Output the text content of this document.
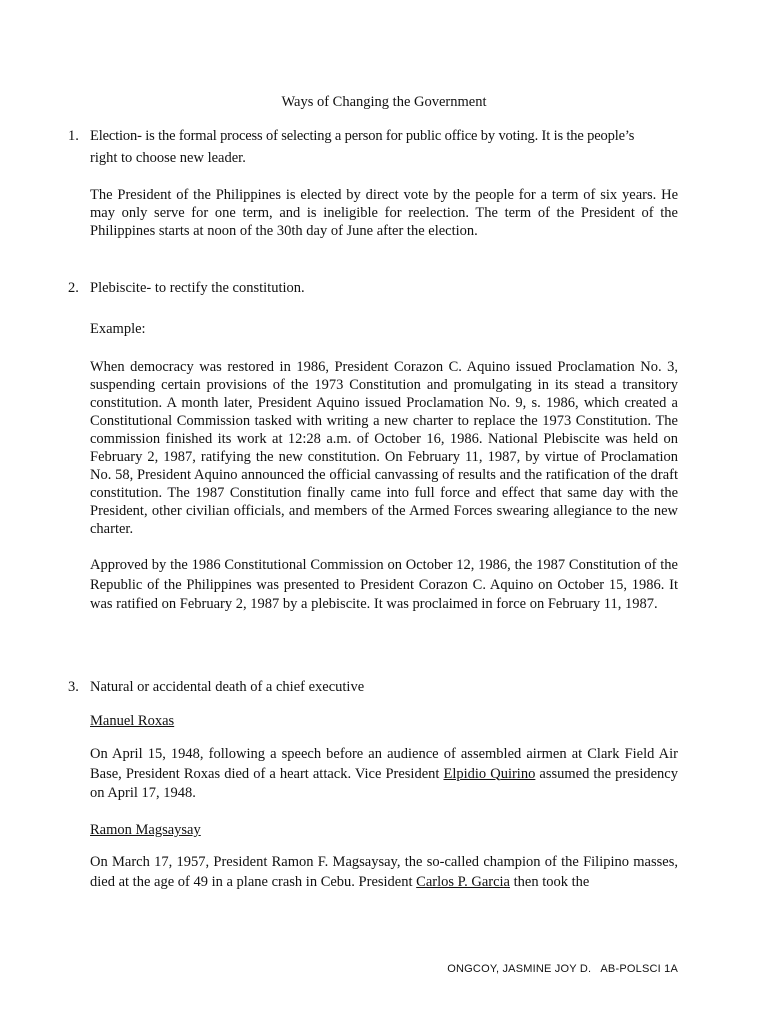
Ways of Changing the Government
1. Election- is the formal process of selecting a person for public office by voting. It is the people’s
right to choose new leader.
The President of the Philippines is elected by direct vote by the people for a term of six years. He may only serve for one term, and is ineligible for reelection. The term of the President of the Philippines starts at noon of the 30th day of June after the election.
2. Plebiscite- to rectify the constitution.
Example:
When democracy was restored in 1986, President Corazon C. Aquino issued Proclamation No. 3, suspending certain provisions of the 1973 Constitution and promulgating in its stead a transitory constitution. A month later, President Aquino issued Proclamation No. 9, s. 1986, which created a Constitutional Commission tasked with writing a new charter to replace the 1973 Constitution. The commission finished its work at 12:28 a.m. of October 16, 1986. National Plebiscite was held on February 2, 1987, ratifying the new constitution. On February 11, 1987, by virtue of Proclamation No. 58, President Aquino announced the official canvassing of results and the ratification of the draft constitution. The 1987 Constitution finally came into full force and effect that same day with the President, other civilian officials, and members of the Armed Forces swearing allegiance to the new charter.
Approved by the 1986 Constitutional Commission on October 12, 1986, the 1987 Constitution of the Republic of the Philippines was presented to President Corazon C. Aquino on October 15, 1986. It was ratified on February 2, 1987 by a plebiscite. It was proclaimed in force on February 11, 1987.
3. Natural or accidental death of a chief executive
Manuel Roxas
On April 15, 1948, following a speech before an audience of assembled airmen at Clark Field Air Base, President Roxas died of a heart attack. Vice President Elpidio Quirino assumed the presidency on April 17, 1948.
Ramon Magsaysay
On March 17, 1957, President Ramon F. Magsaysay, the so-called champion of the Filipino masses, died at the age of 49 in a plane crash in Cebu. President Carlos P. Garcia then took the
ONGCOY, JASMINE JOY D.   AB-POLSCI 1A
